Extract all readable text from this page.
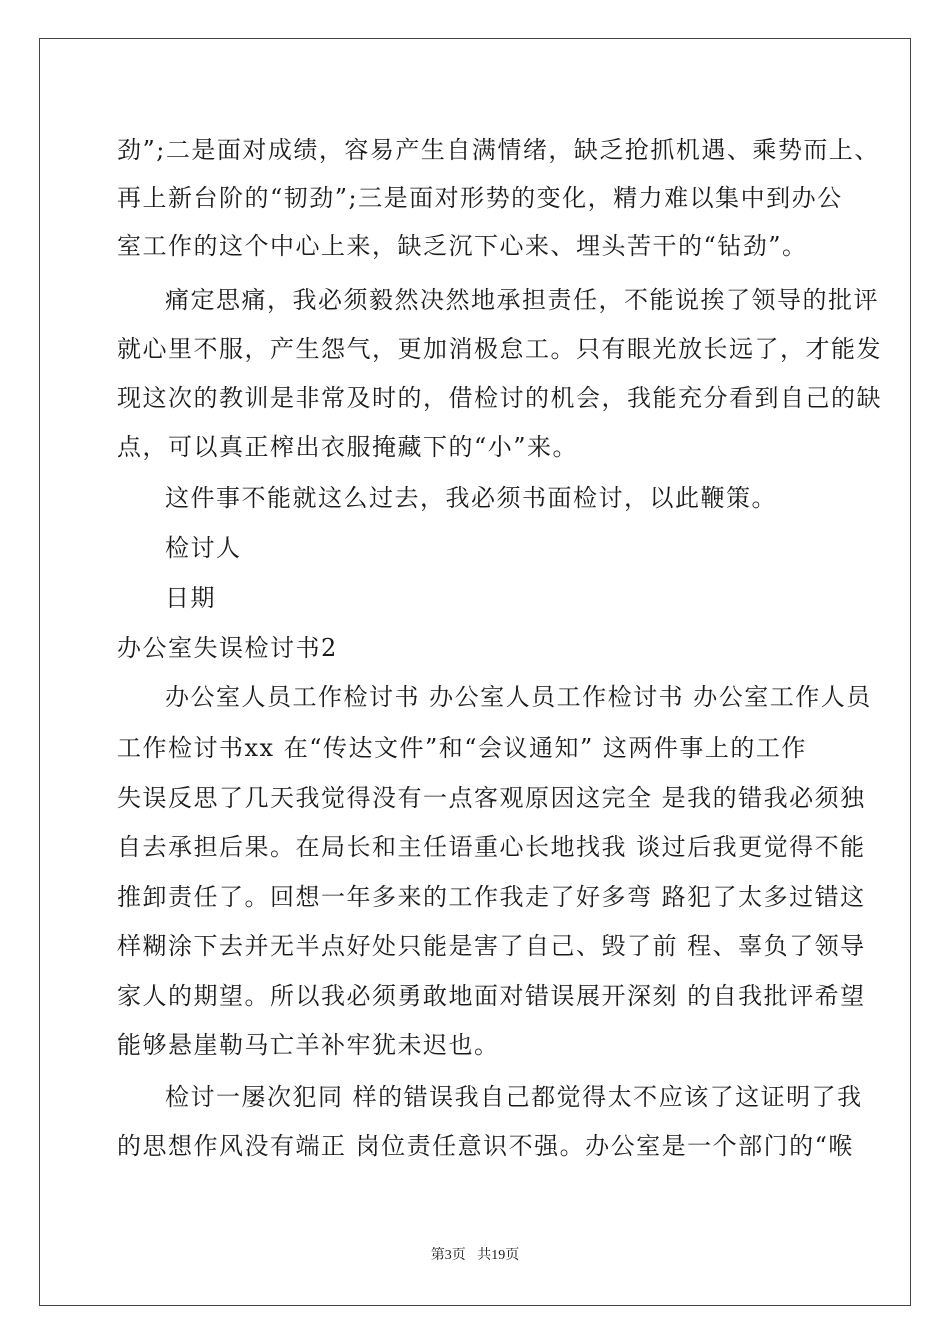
劲”;二是面对成绩，容易产生自满情绪，缺乏抢抓机遇、乘势而上、
再上新台阶的“韧劲”;三是面对形势的变化，精力难以集中到办公
室工作的这个中心上来，缺乏沉下心来、埋头苦干的“钻劲”。
痛定思痛，我必须毅然决然地承担责任，不能说挨了领导的批评
就心里不服，产生怨气，更加消极怠工。只有眼光放长远了，才能发
现这次的教训是非常及时的，借检讨的机会，我能充分看到自己的缺
点，可以真正榨出衣服掩藏下的“小”来。
这件事不能就这么过去，我必须书面检讨，以此鞭策。
检讨人
日期
办公室失误检讨书2
办公室人员工作检讨书 办公室人员工作检讨书 办公室工作人员
工作检讨书xx 在“传达文件”和“会议通知” 这两件事上的工作
失误反思了几天我觉得没有一点客观原因这完全 是我的错我必须独
自去承担后果。在局长和主任语重心长地找我 谈过后我更觉得不能
推卸责任了。回想一年多来的工作我走了好多弯 路犯了太多过错这
样糊涂下去并无半点好处只能是害了自己、毁了前 程、辜负了领导
家人的期望。所以我必须勇敢地面对错误展开深刻 的自我批评希望
能够悬崖勒马亡羊补牢犹未迟也。
检讨一屡次犯同 样的错误我自己都觉得太不应该了这证明了我
的思想作风没有端正 岗位责任意识不强。办公室是一个部门的“喉
第3页 共19页
